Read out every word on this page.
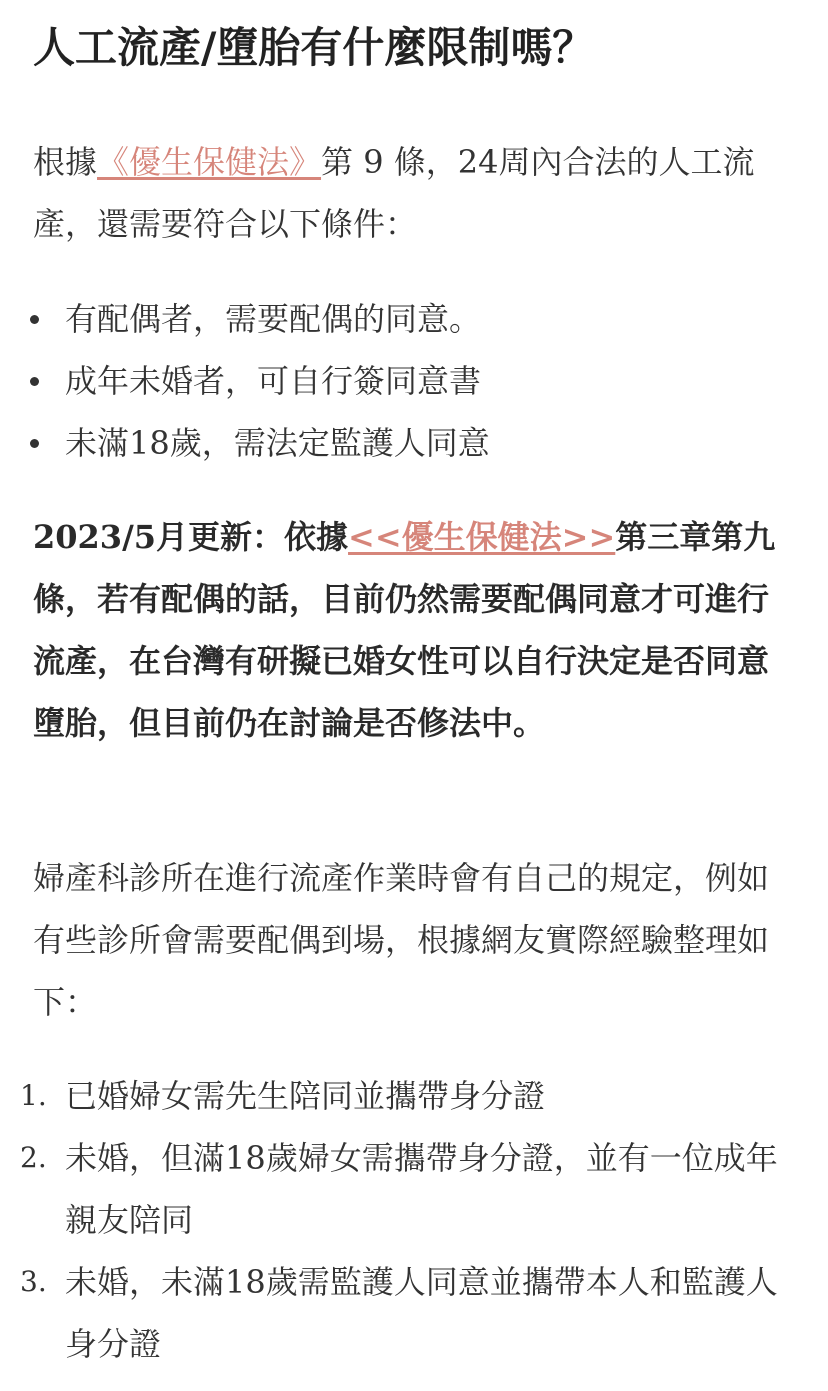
人工流產/墮胎有什麼限制嗎？

根據《優生保健法》第 9 條，24周內合法的人工流產，還需要符合以下條件：

有配偶者，需要配偶的同意。
成年未婚者，可自行簽同意書
未滿18歲，需法定監護人同意

2023/5月更新：依據<<優生保健法>>第三章第九條，若有配偶的話，目前仍然需要配偶同意才可進行流產，在台灣有研擬已婚女性可以自行決定是否同意墮胎，但目前仍在討論是否修法中。

婦產科診所在進行流產作業時會有自己的規定，例如有些診所會需要配偶到場，根據網友實際經驗整理如下：

1. 已婚婦女需先生陪同並攜帶身分證
2. 未婚，但滿18歲婦女需攜帶身分證，並有一位成年親友陪同
3. 未婚，未滿18歲需監護人同意並攜帶本人和監護人身分證
